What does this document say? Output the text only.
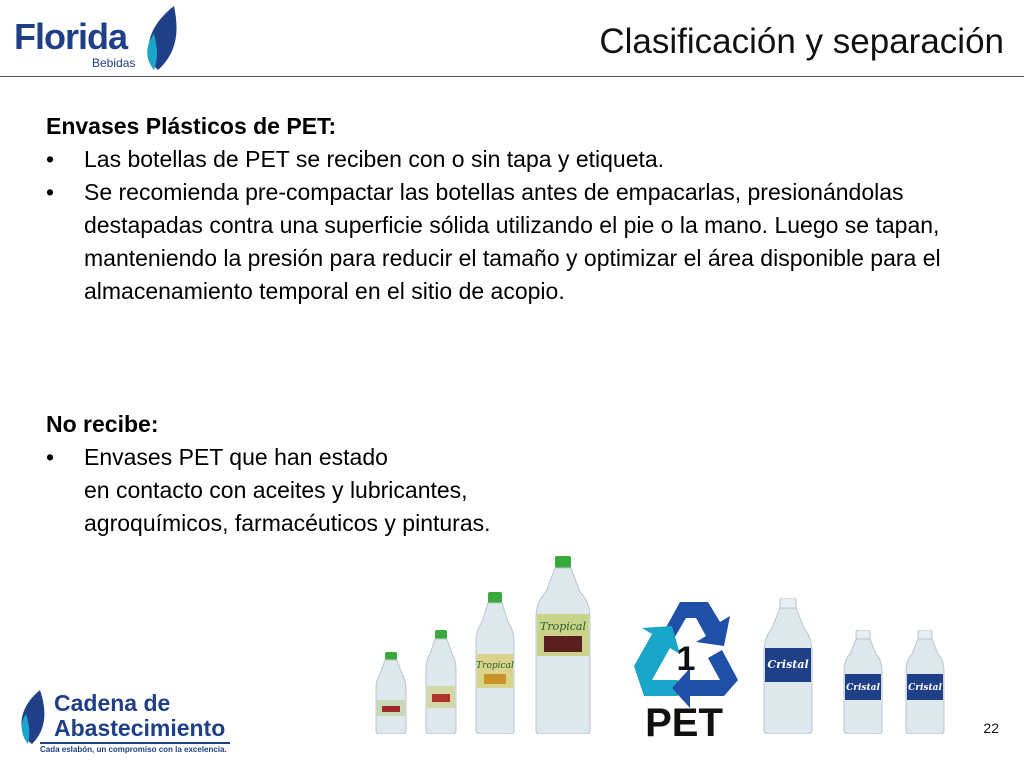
Florida
Bebidas
Clasificación y separación
Envases Plásticos de PET:
• Las botellas de PET se reciben con o sin tapa y etiqueta.
• Se recomienda pre-compactar las botellas antes de empacarlas, presionándolas destapadas contra una superficie sólida utilizando el pie o la mano. Luego se tapan, manteniendo la presión para reducir el tamaño y optimizar el área disponible para el almacenamiento temporal en el sitio de acopio.
No recibe:
• Envases PET que han estado
en contacto con aceites y lubricantes,
agroquímicos, farmacéuticos y pinturas.
Tropical
Tropical
1
PET
Cristal
Cristal	Cristal
Cadena de
Abastecimiento
Cada eslabón, un compromiso con la excelencia.
22
